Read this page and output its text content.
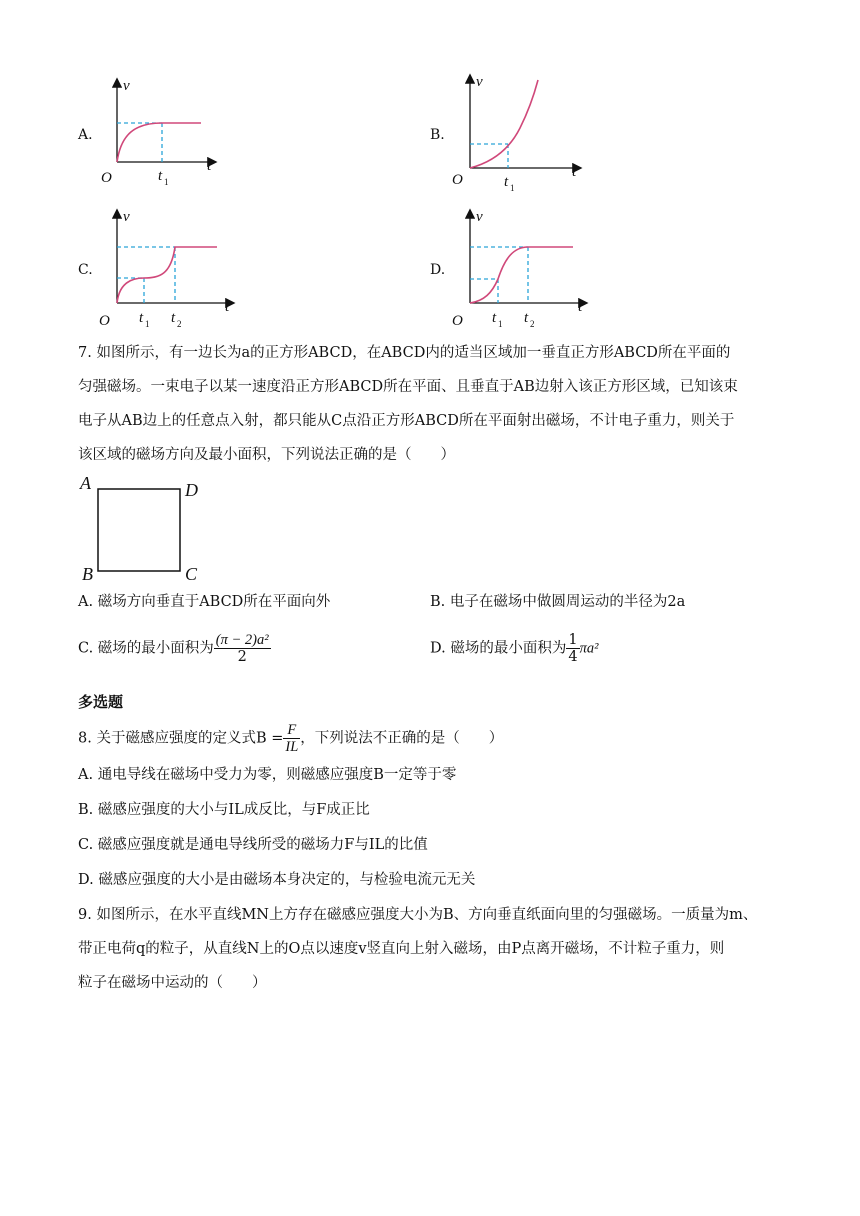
A.
v
t
O	t 1
B.
v
t
O	t 1
C.
v
t
O t 1 t 2
D.
v
t
O t 1 t 2
7. 如图所示，有一边长为a的正方形ABCD，在ABCD内的适当区域加一垂直正方形ABCD所在平面的
匀强磁场。一束电子以某一速度沿正方形ABCD所在平面、且垂直于AB边射入该正方形区域，已知该束
电子从AB边上的任意点入射，都只能从C点沿正方形ABCD所在平面射出磁场，不计电子重力，则关于
该区域的磁场方向及最小面积，下列说法正确的是（　　）
A	D
B	C
A. 磁场方向垂直于ABCD所在平面向外	B. 电子在磁场中做圆周运动的半径为2a
C. 磁场的最小面积为 $\frac{\text{(π − 2)a²}}{2}$	D. 磁场的最小面积为 $\frac{1}{4} \pi a^2$
多选题
8. 关于磁感应强度的定义式$B = \frac{F}{IL}$ ，下列说法不正确的是（　　）
A. 通电导线在磁场中受力为零，则磁感应强度B一定等于零
B. 磁感应强度的大小与IL成反比，与F成正比
C. 磁感应强度就是通电导线所受的磁场力F与IL的比值
D. 磁感应强度的大小是由磁场本身决定的，与检验电流元无关
9. 如图所示，在水平直线MN上方存在磁感应强度大小为B、方向垂直纸面向里的匀强磁场。一质量为m、
带正电荷q的粒子，从直线N上的O点以速度v竖直向上射入磁场，由P点离开磁场，不计粒子重力，则
粒子在磁场中运动的（　　）
